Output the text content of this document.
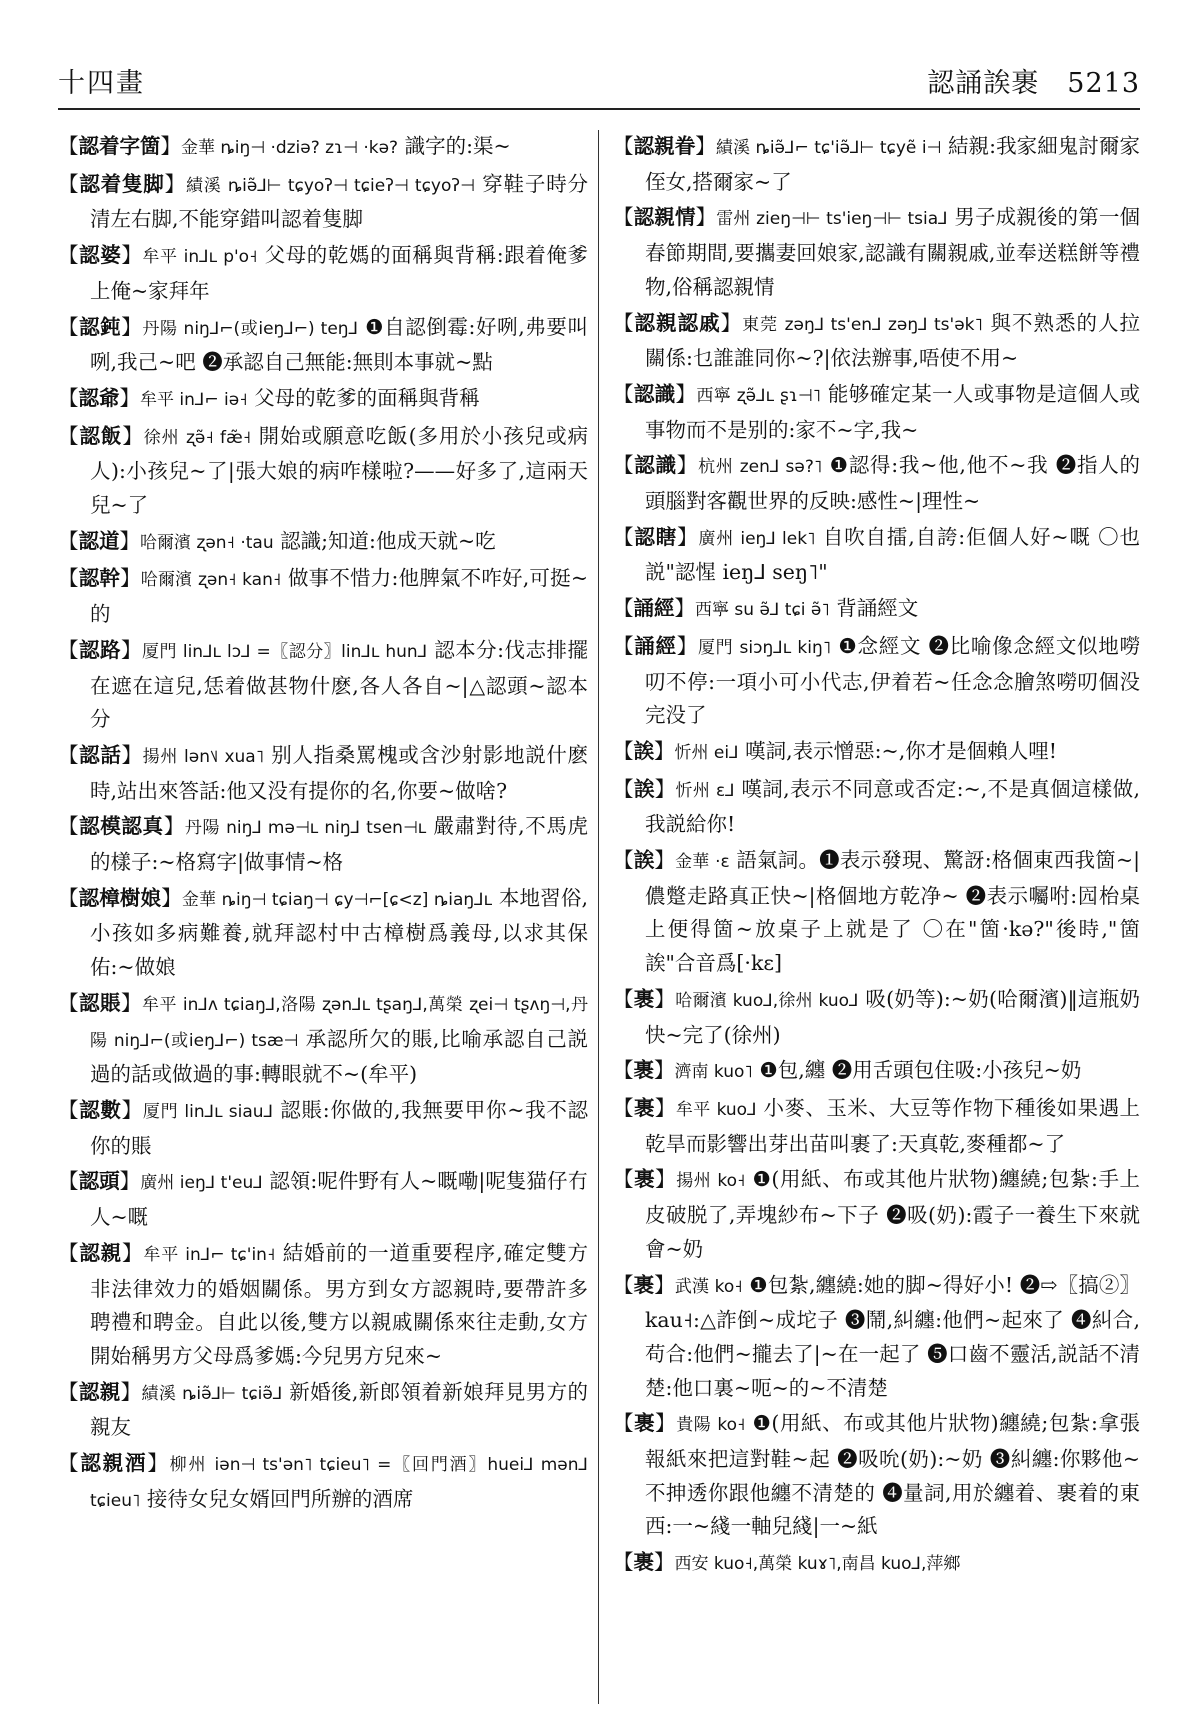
十四畫	認誦誒裹 5213

【認着字箇】金華 ȵiŋ⊣ ·dziə? zɿ⊣ ·kə? 識字的:渠~

【認着隻脚】績溪 ȵiə̃⅃⊢ tɕyoʔ⊣ tɕieʔ⊣ tɕyoʔ⊣ 穿鞋子時分清左右脚,不能穿錯叫認着隻脚

【認婆】牟平 in⅃ʟ p'o˧ 父母的乾媽的面稱與背稱:跟着俺爹上俺~家拜年

【認鈍】丹陽 niŋ⅃⌐(或ieŋ⅃⌐) teŋ⅃ ❶自認倒霉:好咧,弗要叫咧,我己~吧 ❷承認自己無能:無則本事就~點

【認爺】牟平 in⅃⌐ iə˧ 父母的乾爹的面稱與背稱

【認飯】徐州 ʐə̃˧ fæ̃˧ 開始或願意吃飯(多用於小孩兒或病人):小孩兒~了|張大娘的病咋樣啦?——好多了,這兩天兒~了

【認道】哈爾濱 ʐən˧ ·tau 認識;知道:他成天就~吃

【認幹】哈爾濱 ʐən˧ kan˧ 做事不惜力:他脾氣不咋好,可挺~的

【認路】厦門 lin⅃ʟ lɔ⅃ =〖認分〗lin⅃ʟ hun⅃ 認本分:伐志排擺在遮在這兒,恁着做甚物什麽,各人各自~|△認頭~認本分

【認話】揚州 lən˥˩ xua˥ 别人指桑罵槐或含沙射影地説什麽時,站出來答話:他又没有提你的名,你要~做啥?

【認模認真】丹陽 niŋ⅃ mə⊣ʟ niŋ⅃ tsen⊣ʟ 嚴肅對待,不馬虎的樣子:~格寫字|做事情~格

【認樟樹娘】金華 ȵiŋ⊣ tɕiaŋ⊣ ɕy⊣⌐[ɕ<z] ȵiaŋ⅃ʟ 本地習俗,小孩如多病難養,就拜認村中古樟樹爲義母,以求其保佑:~做娘

【認賬】牟平 in⅃ʌ tɕiaŋ⅃,洛陽 ʐən⅃ʟ tʂaŋ⅃,萬榮 ʐei⊣ tʂʌŋ⊣,丹陽 niŋ⅃⌐(或ieŋ⅃⌐) tsæ⊣ 承認所欠的賬,比喻承認自己説過的話或做過的事:轉眼就不~(牟平)

【認數】厦門 lin⅃ʟ siau⅃ 認賬:你做的,我無要甲你~我不認你的賬

【認頭】廣州 ieŋ⅃ t'eu⅃ 認領:呢件野有人~嘅嘞|呢隻猫仔冇人~嘅

【認親】牟平 in⅃⌐ tɕ'in˧ 結婚前的一道重要程序,確定雙方非法律效力的婚姻關係。男方到女方認親時,要帶許多聘禮和聘金。自此以後,雙方以親戚關係來往走動,女方開始稱男方父母爲爹媽:今兒男方兒來~

【認親】績溪 ȵiə̃⅃⊢ tɕiə̃⅃ 新婚後,新郎領着新娘拜見男方的親友

【認親酒】柳州 iən⊣ ts'ən˥ tɕieu˥ =〖回門酒〗huei⅃ mən⅃ tɕieu˥ 接待女兒女婿回門所辦的酒席

【認親眷】績溪 ȵiə̃⅃⌐ tɕ'iə̃⅃⊢ tɕyẽ i⊣ 結親:我家細鬼討爾家侄女,搭爾家~了

【認親情】雷州 zieŋ⊣⊢ ts'ieŋ⊣⊢ tsia⅃ 男子成親後的第一個春節期間,要攜妻回娘家,認識有關親戚,並奉送糕餅等禮物,俗稱認親情

【認親認戚】東莞 zəŋ⅃ ts'en⅃ zəŋ⅃ ts'ək˥ 與不熟悉的人拉關係:乜誰誰同你~?|依法辦事,唔使不用~

【認識】西寧 ʐə̃⅃ʟ ʂɿ⊣˥ 能够確定某一人或事物是這個人或事物而不是别的:家不~字,我~

【認識】杭州 zen⅃ sə?˥ ❶認得:我~他,他不~我 ❷指人的頭腦對客觀世界的反映:感性~|理性~

【認瞎】廣州 ieŋ⅃ lek˥ 自吹自擂,自誇:佢個人好~嘅 〇也説"認惺 ieŋ⅃ seŋ˥"

【誦經】西寧 su ə̃⅃ tɕi ə̃˥ 背誦經文

【誦經】厦門 siɔŋ⅃ʟ kiŋ˥ ❶念經文 ❷比喻像念經文似地嘮叨不停:一項小可小代志,伊着若~任念念膾煞嘮叨個没完没了

【誒】忻州 ei⅃ 嘆詞,表示憎惡:~,你才是個賴人哩!

【誒】忻州 ɛ⅃ 嘆詞,表示不同意或否定:~,不是真個這樣做,我説給你!

【誒】金華 ·ɛ 語氣詞。❶表示發現、驚訝:格個東西我箇~|儂蹩走路真正快~|格個地方乾净~ ❷表示囑咐:囥枱桌上便得箇~放桌子上就是了 〇在"箇·kə?"後時,"箇誒"合音爲[·kɛ]

【裹】哈爾濱 kuo⅃,徐州 kuo⅃ 吸(奶等):~奶(哈爾濱)‖這瓶奶快~完了(徐州)

【裹】濟南 kuo˥ ❶包,纏 ❷用舌頭包住吸:小孩兒~奶

【裹】牟平 kuo⅃ 小麥、玉米、大豆等作物下種後如果遇上乾旱而影響出芽出苗叫裹了:天真乾,麥種都~了

【裹】揚州 ko˧ ❶(用紙、布或其他片狀物)纏繞;包紮:手上皮破脱了,弄塊紗布~下子 ❷吸(奶):霞子一養生下來就會~奶

【裹】武漢 ko˧ ❶包紮,纏繞:她的脚~得好小! ❷⇨〖搞②〗kau˧:△詐倒~成坨子 ❸鬧,糾纏:他們~起來了 ❹糾合,苟合:他們~攏去了|~在一起了 ❺口齒不靈活,説話不清楚:他口裏~呃~的~不清楚

【裹】貴陽 ko˧ ❶(用紙、布或其他片狀物)纏繞;包紮:拿張報紙來把這對鞋~起 ❷吸吮(奶):~奶 ❸糾纏:你夥他~不抻透你跟他纏不清楚的 ❹量詞,用於纏着、裹着的東西:一~綫一軸兒綫|一~紙

【裹】西安 kuo˧,萬榮 kuɤ˥,南昌 kuo⅃,萍鄉
